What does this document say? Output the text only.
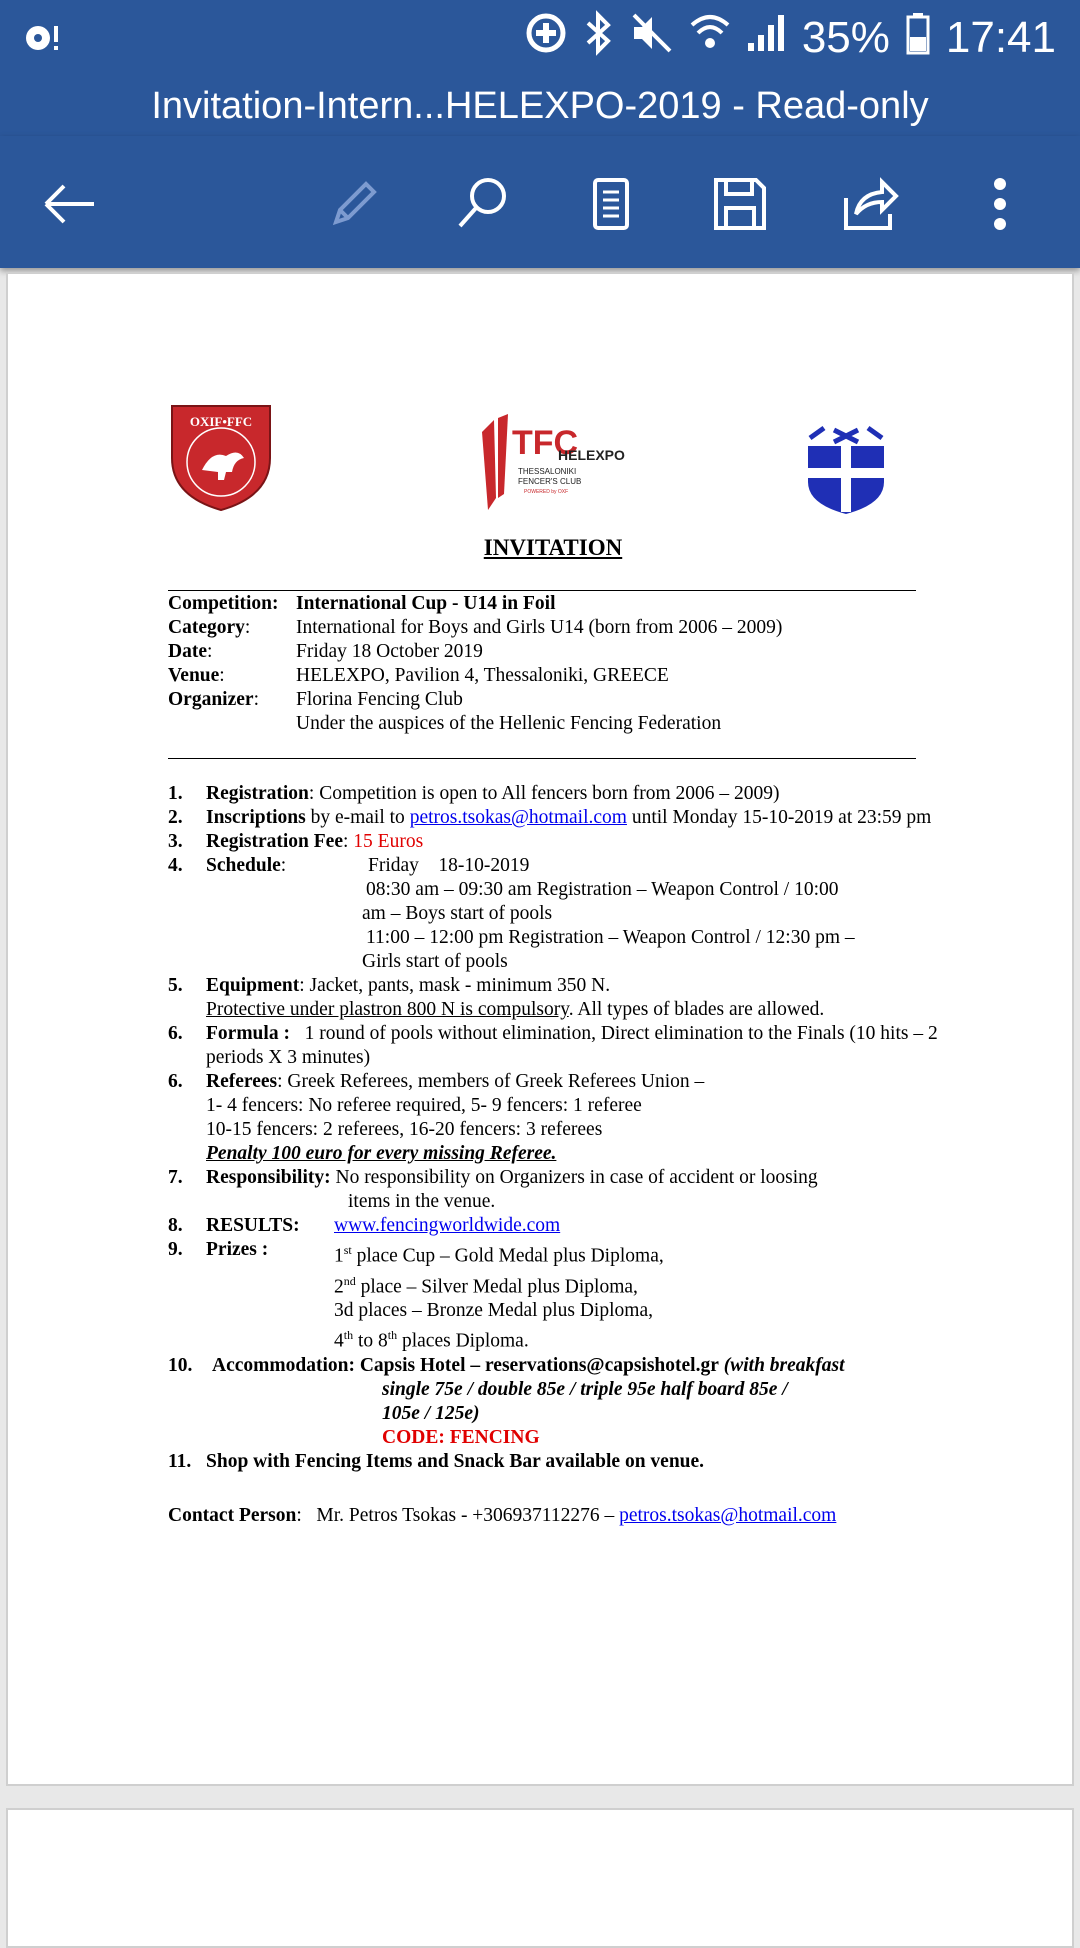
35% 17:41
Invitation-Intern...HELEXPO-2019 - Read-only
OXIF•FFC
TFC
HELEXPO
THESSALONIKI
FENCER'S CLUB
POWERED by OXF
INVITATION
Competition: International Cup - U14 in Foil
Category:	International for Boys and Girls U14 (born from 2006 – 2009)
Date:	Friday 18 October 2019
Venue:	HELEXPO, Pavilion 4, Thessaloniki, GREECE
Organizer:	Florina Fencing Club
Under the auspices of the Hellenic Fencing Federation
1.	Registration: Competition is open to All fencers born from 2006 – 2009)
2.	Inscriptions by e-mail to petros.tsokas@hotmail.com until Monday 15-10-2019 at 23:59 pm
3.	Registration Fee: 15 Euros
4.	Schedule:	Friday    18-10-2019
08:30 am – 09:30 am Registration – Weapon Control / 10:00
am – Boys start of pools
11:00 – 12:00 pm Registration – Weapon Control / 12:30 pm –
Girls start of pools
5.	Equipment: Jacket, pants, mask - minimum 350 N.
Protective under plastron 800 N is compulsory. All types of blades are allowed.
6.	Formula :   1 round of pools without elimination, Direct elimination to the Finals (10 hits – 2 periods X 3 minutes)
6.	Referees: Greek Referees, members of Greek Referees Union –
1- 4 fencers: No referee required, 5- 9 fencers: 1 referee
10-15 fencers: 2 referees, 16-20 fencers: 3 referees
Penalty 100 euro for every missing Referee.
7.	Responsibility: No responsibility on Organizers in case of accident or loosing
items in the venue.
8.	RESULTS:	www.fencingworldwide.com
9.	Prizes :	1st place Cup – Gold Medal plus Diploma,
2nd place – Silver Medal plus Diploma,
3d places – Bronze Medal plus Diploma,
4th to 8th places Diploma.
10.	Accommodation: Capsis Hotel – reservations@capsishotel.gr (with breakfast
single 75e / double 85e / triple 95e half board 85e /
105e / 125e)
CODE: FENCING
11. Shop with Fencing Items and Snack Bar available on venue.
Contact Person:   Mr. Petros Tsokas - +306937112276 – petros.tsokas@hotmail.com
